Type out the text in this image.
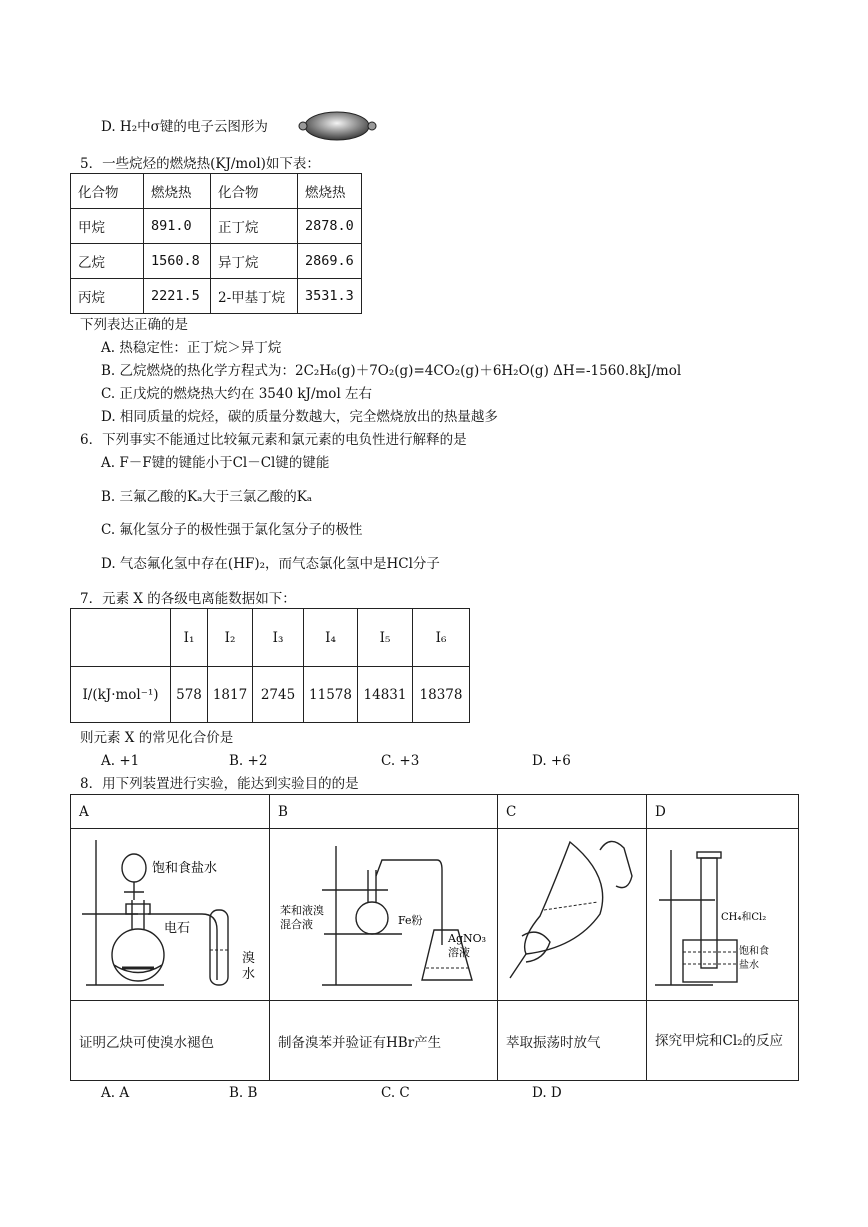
D. H₂中σ键的电子云图形为
5．一些烷烃的燃烧热(KJ/mol)如下表：
化合物	燃烧热	化合物	燃烧热
甲烷	891.0	正丁烷	2878.0
乙烷	1560.8	异丁烷	2869.6
丙烷	2221.5	2-甲基丁烷	3531.3
下列表达正确的是
A. 热稳定性：正丁烷＞异丁烷
B. 乙烷燃烧的热化学方程式为：2C₂H₆(g)＋7O₂(g)=4CO₂(g)＋6H₂O(g) ΔH=-1560.8kJ/mol
C. 正戊烷的燃烧热大约在 3540 kJ/mol 左右
D. 相同质量的烷烃，碳的质量分数越大，完全燃烧放出的热量越多
6．下列事实不能通过比较氟元素和氯元素的电负性进行解释的是
A. F－F键的键能小于Cl－Cl键的键能
B. 三氟乙酸的Kₐ大于三氯乙酸的Kₐ
C. 氟化氢分子的极性强于氯化氢分子的极性
D. 气态氟化氢中存在(HF)₂，而气态氯化氢中是HCl分子
7．元素 X 的各级电离能数据如下：
	I₁	I₂	I₃	I₄	I₅	I₆
I/(kJ·mol⁻¹)	578	1817	2745	11578	14831	18378
则元素 X 的常见化合价是
A. +1	B. +2	C. +3	D. +6
8．用下列装置进行实验，能达到实验目的的是
A	B	C	D

证明乙炔可使溴水褪色	制备溴苯并验证有HBr产生	萃取振荡时放气	探究甲烷和Cl₂的反应
饱和食盐水
电石
溴
水
苯和液溴
混合液	Fe粉
AgNO₃
溶液
CH₄和Cl₂
饱和食
盐水
A. A	B. B	C. C	D. D
